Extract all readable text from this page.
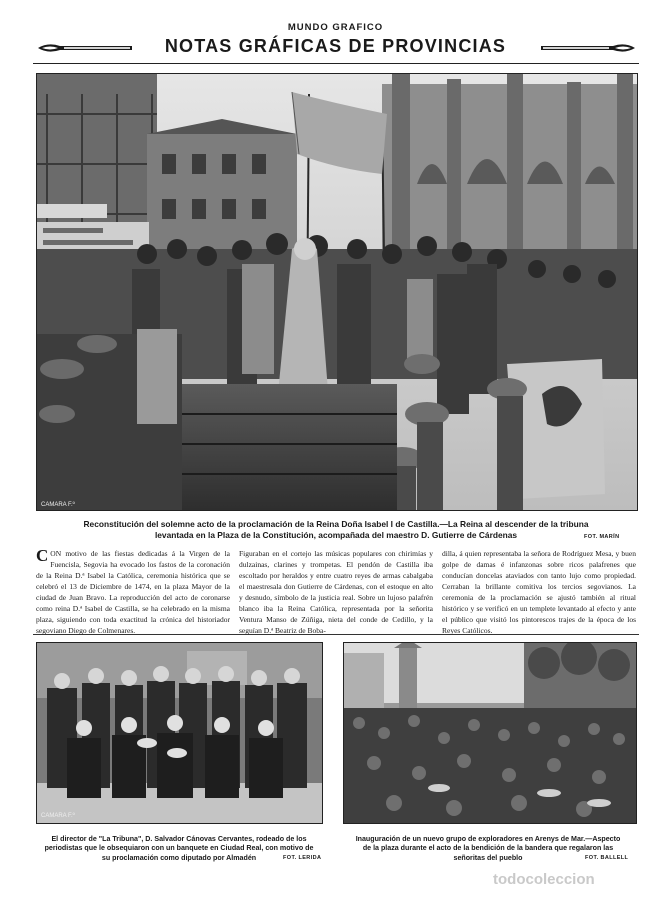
MUNDO GRAFICO
NOTAS GRÁFICAS DE PROVINCIAS
CAMARA F.º
Reconstitución del solemne acto de la proclamación de la Reina Doña Isabel I de Castilla.—La Reina al descender de la tribuna
levantada en la Plaza de la Constitución, acompañada del maestro D. Gutierre de Cárdenas	FOT. MARÍN

CON motivo de las fiestas dedicadas á la Virgen de la Fuencisla, Segovia ha evocado los fastos de la coronación de la Reina D.ª Isabel la Católica, ceremonia histórica que se celebró el 13 de Diciembre de 1474, en la plaza Mayor de la ciudad de Juan Bravo. La reproducción del acto de coronarse como reina D.ª Isabel de Castilla, se ha celebrado en la misma plaza, siguiendo con toda exactitud la crónica del historiador segoviano Diego de Colmenares.

Figuraban en el cortejo las músicas populares con chirimías y dulzainas, clarines y trompetas. El pendón de Castilla iba escoltado por heraldos y entre cuatro reyes de armas cabalgaba el maestresala don Gutierre de Cárdenas, con el estoque en alto y desnudo, símbolo de la justicia real. Sobre un lujoso palafrén blanco iba la Reina Católica, representada por la señorita Ventura Manso de Zúñiga, nieta del conde de Cedillo, y la seguían D.ª Beatriz de Boba-

dilla, á quien representaba la señora de Rodríguez Mesa, y buen golpe de damas é infanzonas sobre ricos palafrenes que conducían doncelas ataviados con tanto lujo como propiedad. Cerraban la brillante comitiva los tercios segovianos. La ceremonia de la proclamación se ajustó también al ritual histórico y se verificó en un templete levantado al efecto y ante el público que visitó los pintorescos trajes de la época de los Reyes Católicos.

CAMARA F.º
El director de "La Tribuna", D. Salvador Cánovas Cervantes, rodeado de los
periodistas que le obsequiaron con un banquete en Ciudad Real, con motivo de
su proclamación como diputado por Almadén	FOT. LERIDA
Inauguración de un nuevo grupo de exploradores en Arenys de Mar.—Aspecto
de la plaza durante el acto de la bendición de la bandera que regalaron las
señoritas del pueblo	FOT. BALLELL
todocoleccion
